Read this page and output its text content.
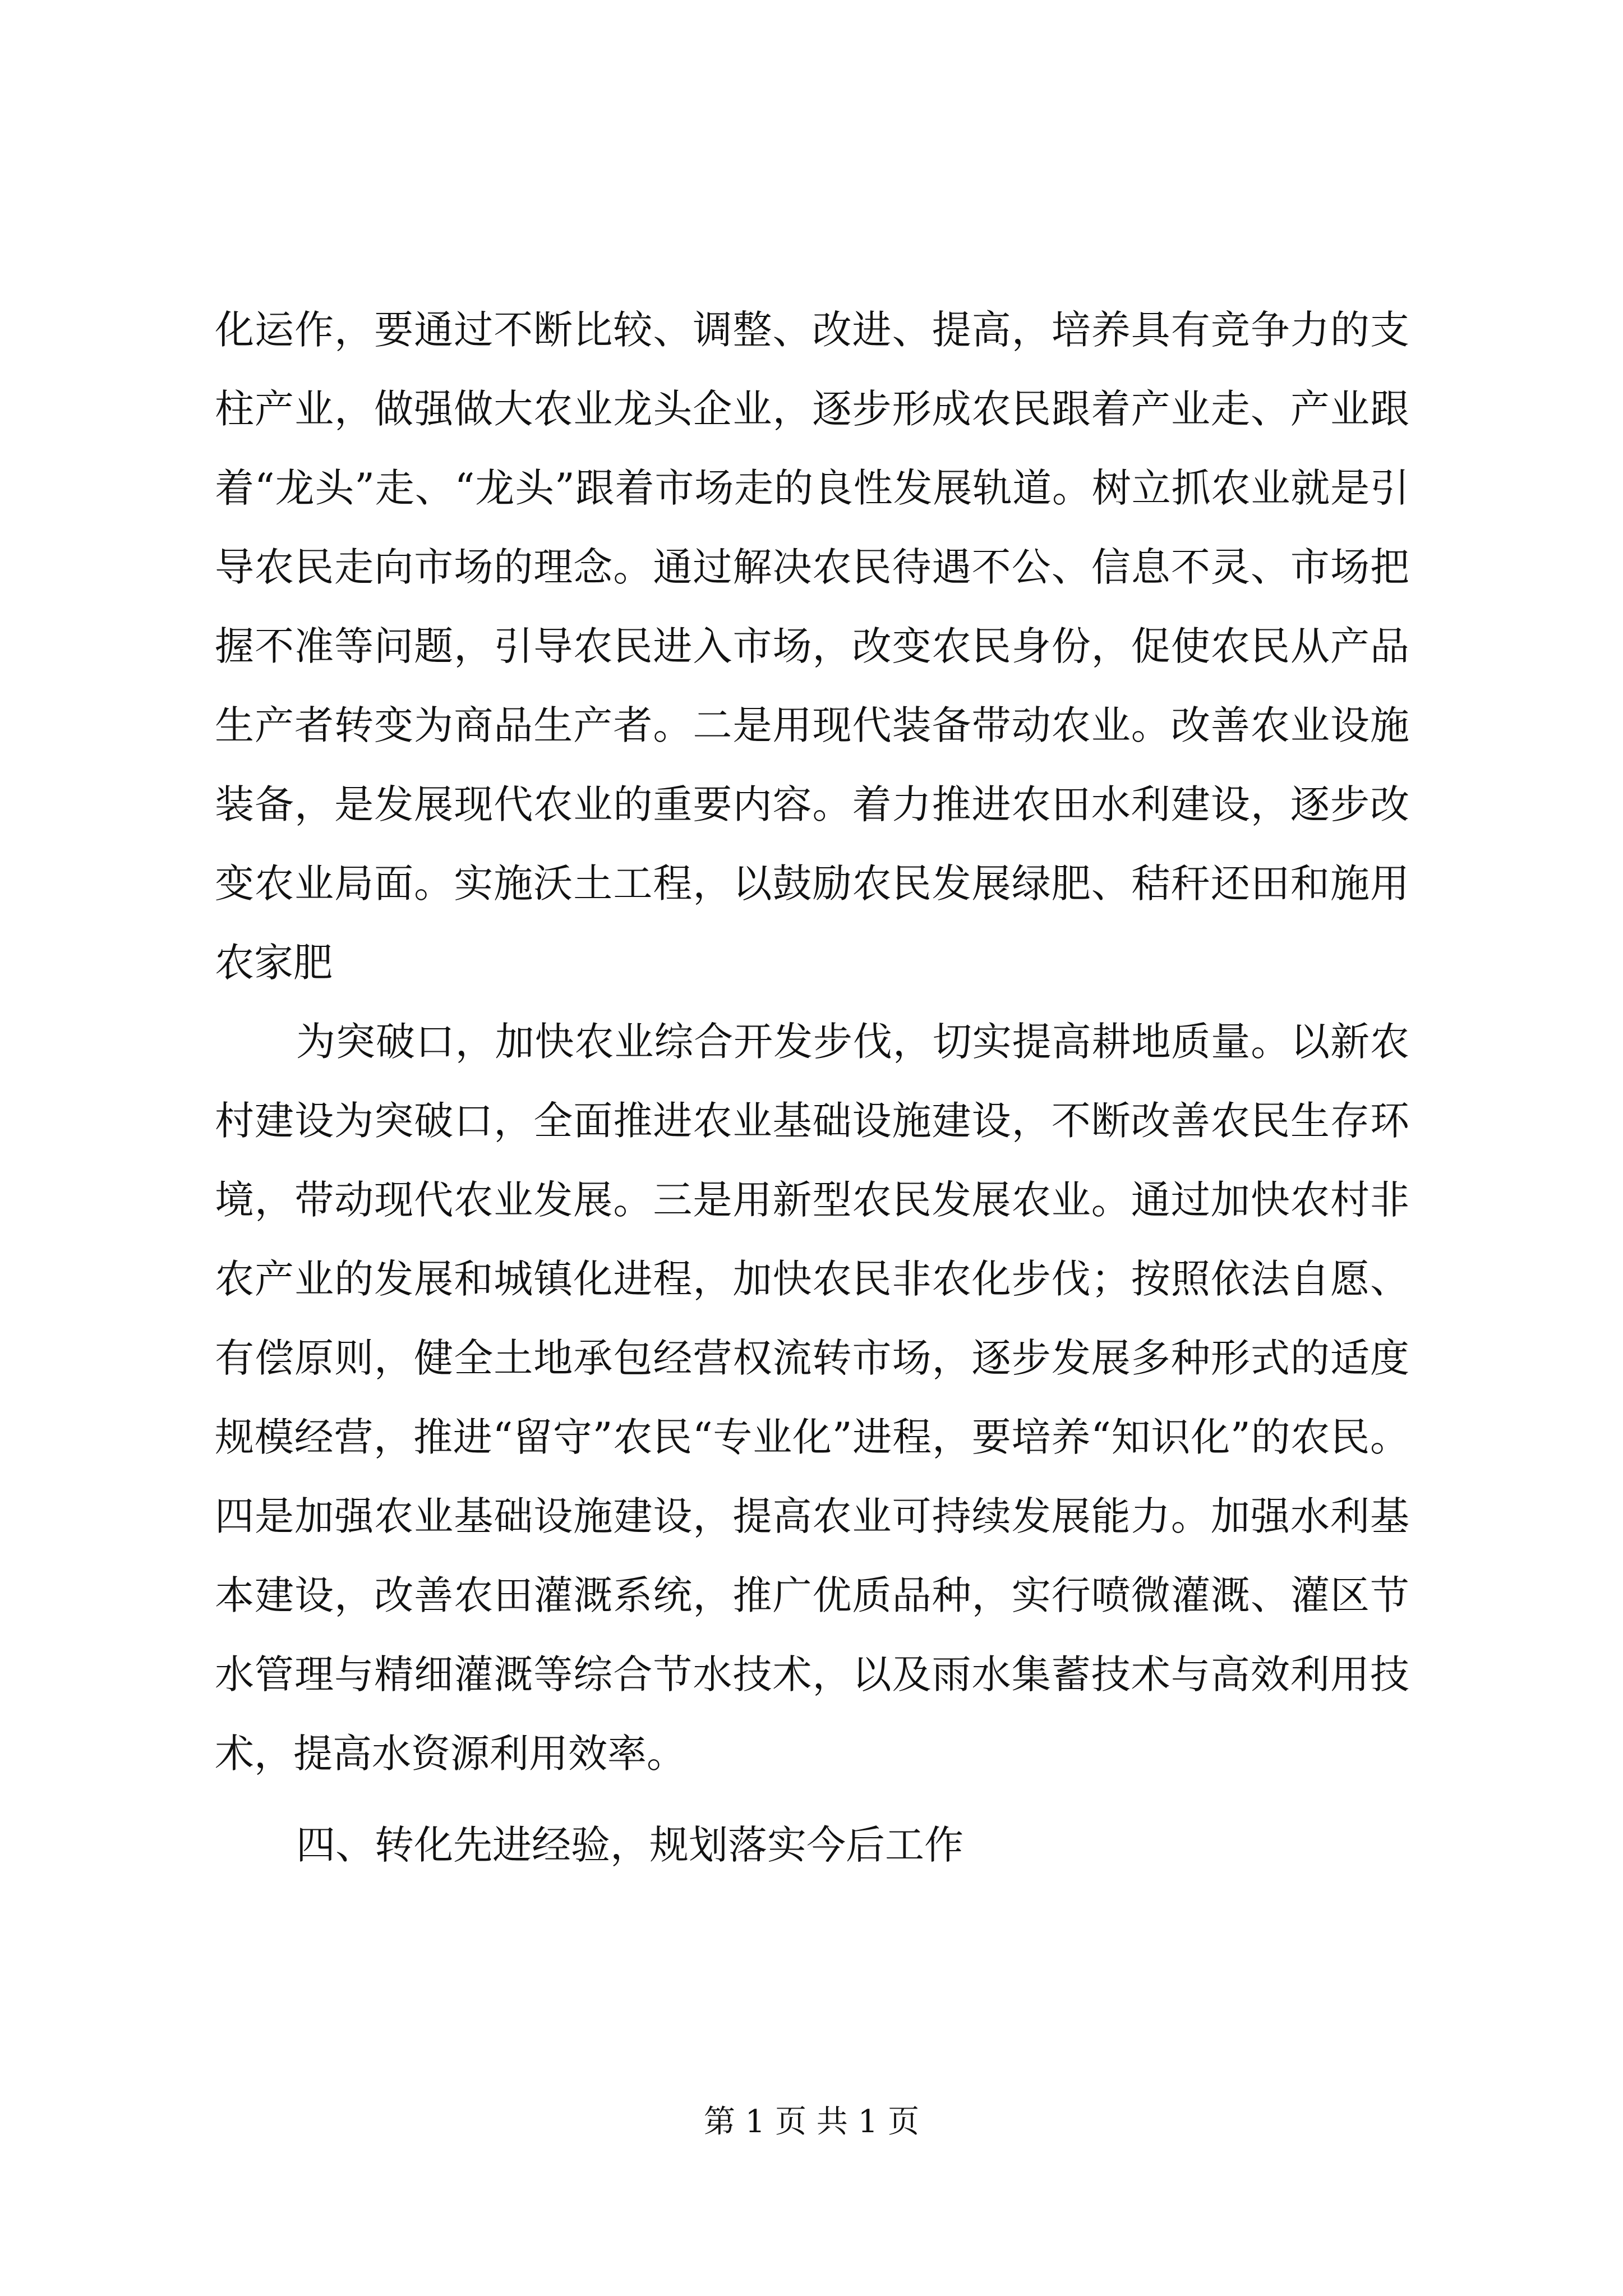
化运作，要通过不断比较、调整、改进、提高，培养具有竞争力的支柱产业，做强做大农业龙头企业，逐步形成农民跟着产业走、产业跟着“龙头”走、“龙头”跟着市场走的良性发展轨道。树立抓农业就是引导农民走向市场的理念。通过解决农民待遇不公、信息不灵、市场把握不准等问题，引导农民进入市场，改变农民身份，促使农民从产品生产者转变为商品生产者。二是用现代装备带动农业。改善农业设施装备，是发展现代农业的重要内容。着力推进农田水利建设，逐步改变农业局面。实施沃土工程，以鼓励农民发展绿肥、秸秆还田和施用农家肥

为突破口，加快农业综合开发步伐，切实提高耕地质量。以新农村建设为突破口，全面推进农业基础设施建设，不断改善农民生存环境，带动现代农业发展。三是用新型农民发展农业。通过加快农村非农产业的发展和城镇化进程，加快农民非农化步伐；按照依法自愿、有偿原则，健全土地承包经营权流转市场，逐步发展多种形式的适度规模经营，推进“留守”农民“专业化”进程，要培养“知识化”的农民。四是加强农业基础设施建设，提高农业可持续发展能力。加强水利基本建设，改善农田灌溉系统，推广优质品种，实行喷微灌溉、灌区节水管理与精细灌溉等综合节水技术，以及雨水集蓄技术与高效利用技术，提高水资源利用效率。

四、转化先进经验，规划落实今后工作

第 1 页 共 1 页
